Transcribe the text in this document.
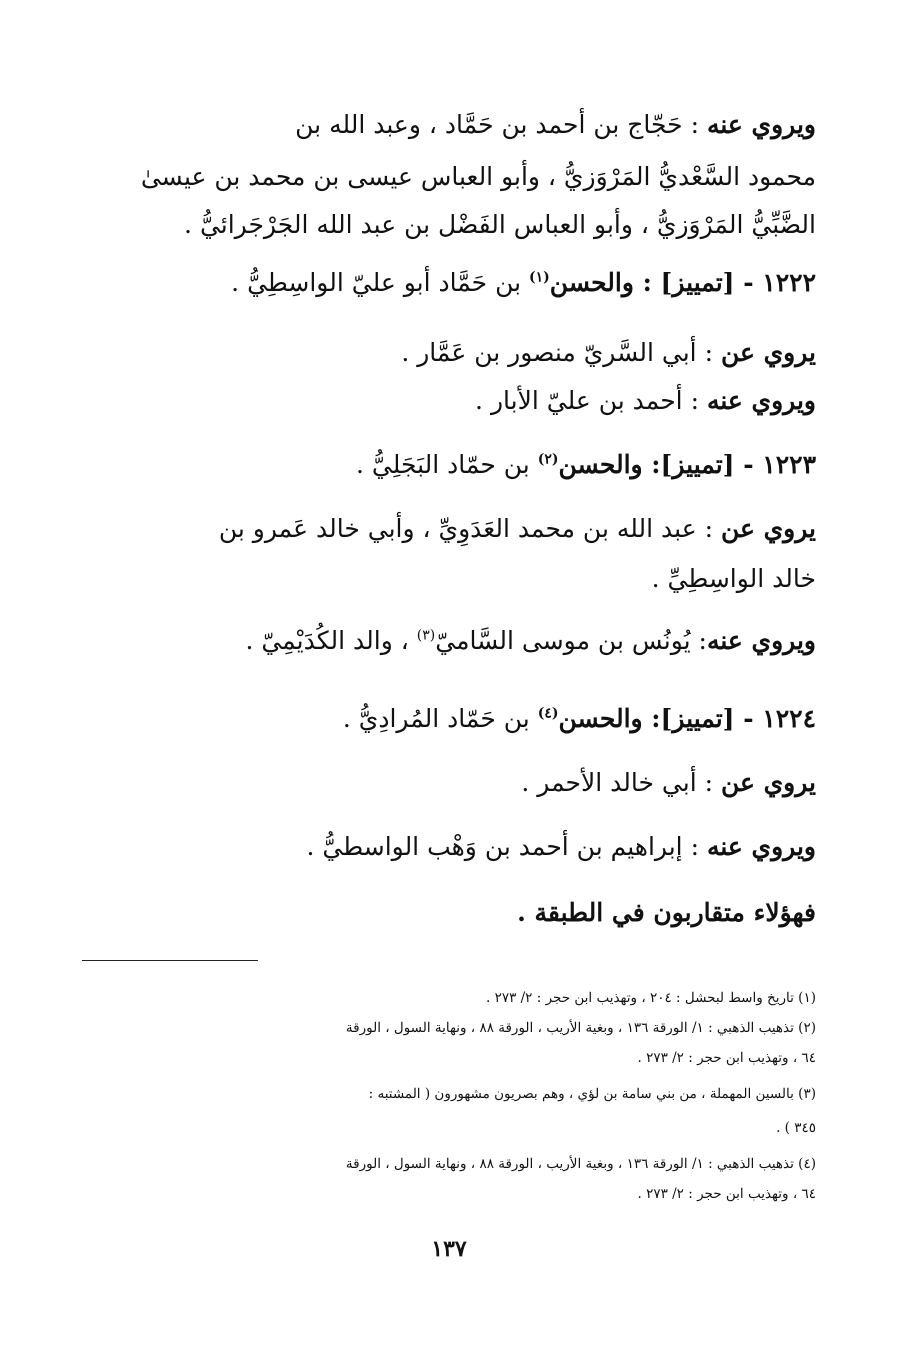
ويروي عنه : حَجّاج بن أحمد بن حَمَّاد ، وعبد الله بن

محمود السَّعْديُّ المَرْوَزيُّ ، وأبو العباس عيسى بن محمد بن عيسىٰ

الضَّبِّيُّ المَرْوَزيُّ ، وأبو العباس الفَضْل بن عبد الله الجَرْجَرائيُّ .

١٢٢٢ - [تمييز] : والحسن$^{(١)}$ بن حَمَّاد أبو عليّ الواسِطِيُّ .

يروي عن : أبي السَّريّ منصور بن عَمَّار .

ويروي عنه : أحمد بن عليّ الأبار .

١٢٢٣ - [تمييز]: والحسن$^{(٢)}$ بن حمّاد البَجَلِيُّ .

يروي عن : عبد الله بن محمد العَدَوِيِّ ، وأبي خالد عَمرو بن

خالد الواسِطِيِّ .

ويروي عنه: يُونُس بن موسى السَّاميّ$^{(٣)}$ ، والد الكُدَيْمِيّ .

١٢٢٤ - [تمييز]: والحسن$^{(٤)}$ بن حَمّاد المُرادِيُّ .

يروي عن : أبي خالد الأحمر .

ويروي عنه : إبراهيم بن أحمد بن وَهْب الواسطيُّ .

فهؤلاء متقاربون في الطبقة .

(١) تاريخ واسط لبحشل : ٢٠٤ ، وتهذيب ابن حجر : ٢/ ٢٧٣ .

(٢) تذهيب الذهبي : ١/ الورقة ١٣٦ ، وبغية الأريب ، الورقة ٨٨ ، ونهاية السول ، الورقة

٦٤ ، وتهذيب ابن حجر : ٢/ ٢٧٣ .

(٣) بالسين المهملة ، من بني سامة بن لؤي ، وهم بصريون مشهورون ( المشتبه :

٣٤٥ ) .

(٤) تذهيب الذهبي : ١/ الورقة ١٣٦ ، وبغية الأريب ، الورقة ٨٨ ، ونهاية السول ، الورقة

٦٤ ، وتهذيب ابن حجر : ٢/ ٢٧٣ .

١٣٧
